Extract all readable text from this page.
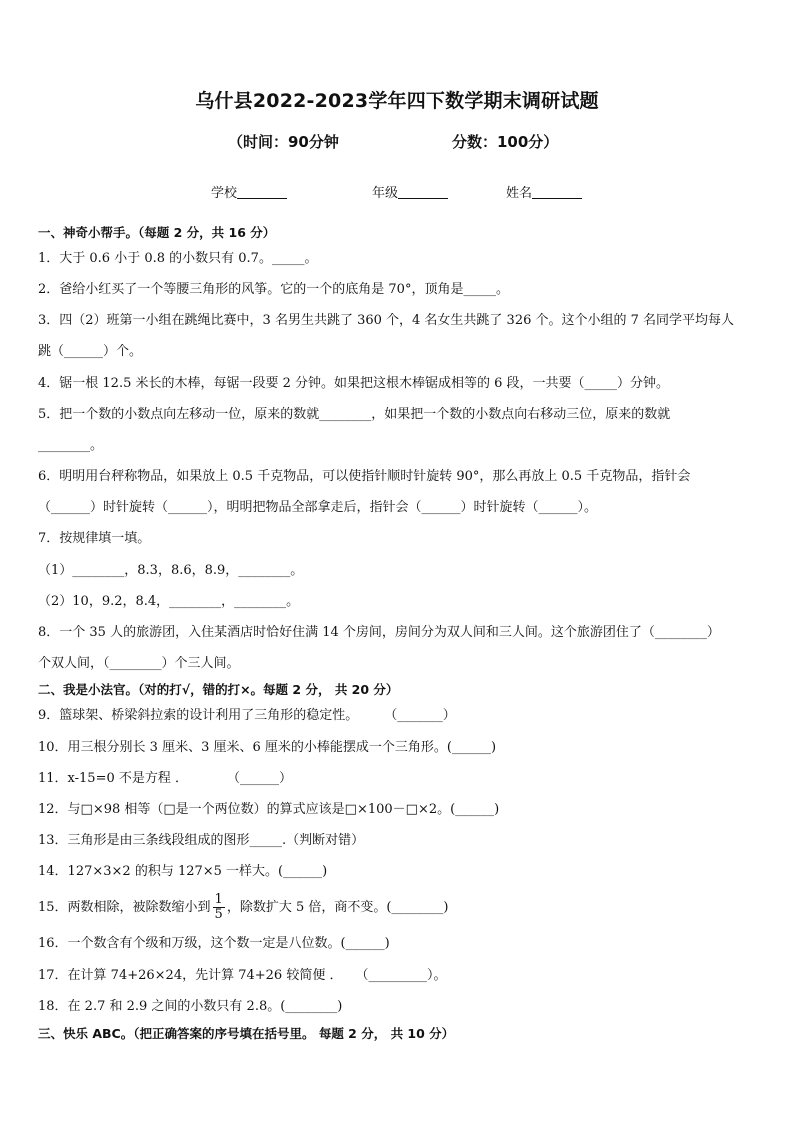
乌什县2022-2023学年四下数学期末调研试题
（时间：90分钟	分数：100分）
学校	年级	姓名
一、神奇小帮手。（每题 2 分，共 16 分）
1．大于 0.6 小于 0.8 的小数只有 0.7。_____。
2．爸给小红买了一个等腰三角形的风筝。它的一个的底角是 70°，顶角是_____。
3．四（2）班第一小组在跳绳比赛中，3 名男生共跳了 360 个，4 名女生共跳了 326 个。这个小组的 7 名同学平均每人
跳（______）个。
4．锯一根 12.5 米长的木棒，每锯一段要 2 分钟。如果把这根木棒锯成相等的 6 段，一共要（_____）分钟。
5．把一个数的小数点向左移动一位，原来的数就________，如果把一个数的小数点向右移动三位，原来的数就
________。
6．明明用台秤称物品，如果放上 0.5 千克物品，可以使指针顺时针旋转 90°，那么再放上 0.5 千克物品，指针会
（______）时针旋转（______），明明把物品全部拿走后，指针会（______）时针旋转（______）。
7．按规律填一填。
（1）________，8.3，8.6，8.9，________。
（2）10，9.2，8.4，________，________。
8．一个 35 人的旅游团，入住某酒店时恰好住满 14 个房间，房间分为双人间和三人间。这个旅游团住了（________）
个双人间，（________）个三人间。
二、我是小法官。（对的打√，错的打×。每题 2 分， 共 20 分）
9．篮球架、桥梁斜拉索的设计利用了三角形的稳定性。　　　（_______）
10．用三根分别长 3 厘米、3 厘米、6 厘米的小棒能摆成一个三角形。(______)
11．x-15=0 不是方程 ．　　　　（______）
12．与□×98 相等（□是一个两位数）的算式应该是□×100－□×2。(______)
13．三角形是由三条线段组成的图形_____.（判断对错）
14．127×3×2 的积与 127×5 一样大。(______)
15．两数相除，被除数缩小到 $\frac{1}{5}$ ，除数扩大 5 倍，商不变。(________)
16．一个数含有个级和万级，这个数一定是八位数。(______)
17．在计算 74+26×24，先计算 74+26 较简便 ．　　（_________）。
18．在 2.7 和 2.9 之间的小数只有 2.8。(________)
三、快乐 ABC。（把正确答案的序号填在括号里。 每题 2 分， 共 10 分）
